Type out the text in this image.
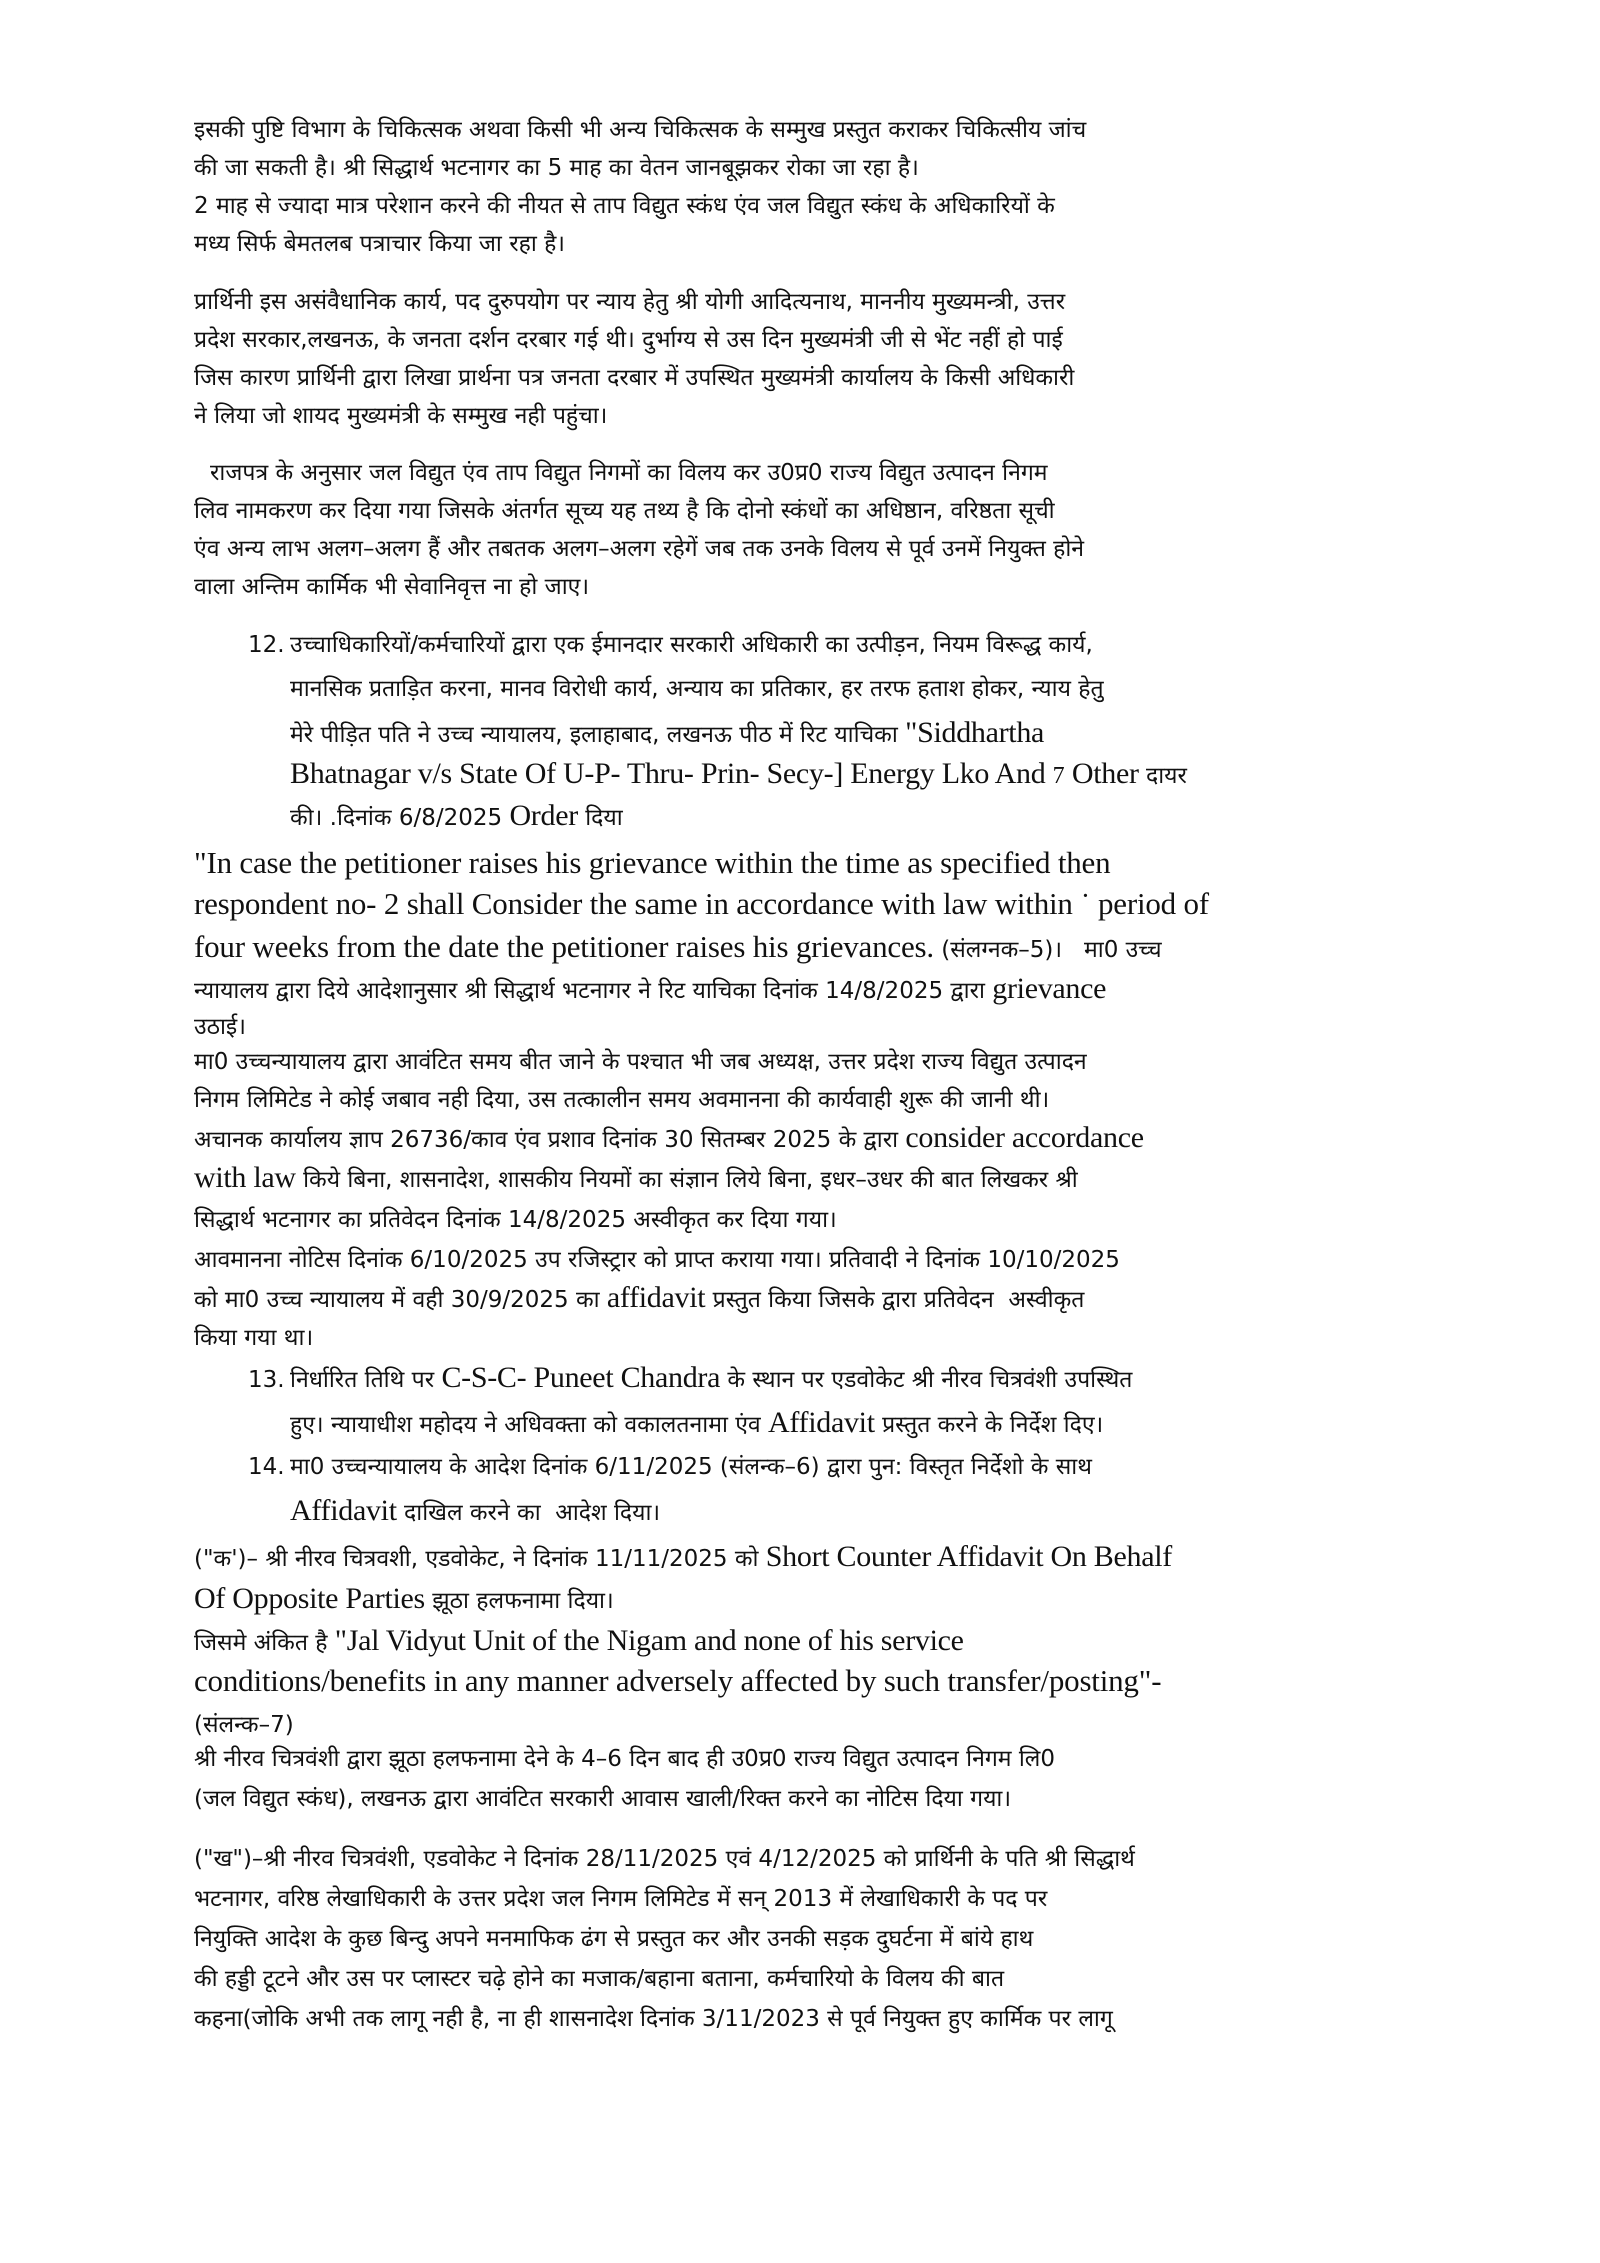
इसकी पुष्टि विभाग के चिकित्सक अथवा किसी भी अन्य चिकित्सक के सम्मुख प्रस्तुत कराकर चिकित्सीय जांच
की जा सकती है। श्री सिद्धार्थ भटनागर का 5 माह का वेतन जानबूझकर रोका जा रहा है।
2 माह से ज्यादा मात्र परेशान करने की नीयत से ताप विद्युत स्कंध एंव जल विद्युत स्कंध के अधिकारियों के
मध्य सिर्फ बेमतलब पत्राचार किया जा रहा है।
प्रार्थिनी इस असंवैधानिक कार्य, पद दुरुपयोग पर न्याय हेतु श्री योगी आदित्यनाथ, माननीय मुख्यमन्त्री, उत्तर
प्रदेश सरकार,लखनऊ, के जनता दर्शन दरबार गई थी। दुर्भाग्य से उस दिन मुख्यमंत्री जी से भेंट नहीं हो पाई
जिस कारण प्रार्थिनी द्वारा लिखा प्रार्थना पत्र जनता दरबार में उपस्थित मुख्यमंत्री कार्यालय के किसी अधिकारी
ने लिया जो शायद मुख्यमंत्री के सम्मुख नही पहुंचा।
राजपत्र के अनुसार जल विद्युत एंव ताप विद्युत निगमों का विलय कर उ0प्र0 राज्य विद्युत उत्पादन निगम
लिव नामकरण कर दिया गया जिसके अंतर्गत सूच्य यह तथ्य है कि दोनो स्कंधों का अधिष्ठान, वरिष्ठता सूची
एंव अन्य लाभ अलग–अलग हैं और तबतक अलग–अलग रहेगें जब तक उनके विलय से पूर्व उनमें नियुक्त होने
वाला अन्तिम कार्मिक भी सेवानिवृत्त ना हो जाए।
12. उच्चाधिकारियों/कर्मचारियों द्वारा एक ईमानदार सरकारी अधिकारी का उत्पीड़न, नियम विरूद्ध कार्य,
मानसिक प्रताड़ित करना, मानव विरोधी कार्य, अन्याय का प्रतिकार, हर तरफ हताश होकर, न्याय हेतु
मेरे पीड़ित पति ने उच्च न्यायालय, इलाहाबाद, लखनऊ पीठ में रिट याचिका "Siddhartha
Bhatnagar v/s State Of U-P- Thru- Prin- Secy-] Energy Lko And 7 Other दायर
की। .दिनांक 6/8/2025 Order दिया
"In case the petitioner raises his grievance within the time as specified then
respondent no- 2 shall Consider the same in accordance with law within ˙ period of
four weeks from the date the petitioner raises his grievances. (संलग्नक–5)।   मा0 उच्च
न्यायालय द्वारा दिये आदेशानुसार श्री सिद्धार्थ भटनागर ने रिट याचिका दिनांक 14/8/2025 द्वारा grievance
उठाई।
मा0 उच्चन्यायालय द्वारा आवंटित समय बीत जाने के पश्चात भी जब अध्यक्ष, उत्तर प्रदेश राज्य विद्युत उत्पादन
निगम लिमिटेड ने कोई जबाव नही दिया, उस तत्कालीन समय अवमानना की कार्यवाही शुरू की जानी थी।
अचानक कार्यालय ज्ञाप 26736/काव एंव प्रशाव दिनांक 30 सितम्बर 2025 के द्वारा consider accordance
with law किये बिना, शासनादेश, शासकीय नियमों का संज्ञान लिये बिना, इधर–उधर की बात लिखकर श्री
सिद्धार्थ भटनागर का प्रतिवेदन दिनांक 14/8/2025 अस्वीकृत कर दिया गया।
आवमानना नोटिस दिनांक 6/10/2025 उप रजिस्ट्रार को प्राप्त कराया गया। प्रतिवादी ने दिनांक 10/10/2025
को मा0 उच्च न्यायालय में वही 30/9/2025 का affidavit प्रस्तुत किया जिसके द्वारा प्रतिवेदन  अस्वीकृत
किया गया था।
13. निर्धारित तिथि पर C-S-C- Puneet Chandra के स्थान पर एडवोकेट श्री नीरव चित्रवंशी उपस्थित
हुए। न्यायाधीश महोदय ने अधिवक्ता को वकालतनामा एंव Affidavit प्रस्तुत करने के निर्देश दिए।
14. मा0 उच्चन्यायालय के आदेश दिनांक 6/11/2025 (संलन्क–6) द्वारा पुन: विस्तृत निर्देशो के साथ
Affidavit दाखिल करने का  आदेश दिया।
("क')– श्री नीरव चित्रवशी, एडवोकेट, ने दिनांक 11/11/2025 को Short Counter Affidavit On Behalf
Of Opposite Parties झूठा हलफनामा दिया।
जिसमे अंकित है "Jal Vidyut Unit of the Nigam and none of his service
conditions/benefits in any manner adversely affected by such transfer/posting"-
(संलन्क–7)
श्री नीरव चित्रवंशी द्वारा झूठा हलफनामा देने के 4–6 दिन बाद ही उ0प्र0 राज्य विद्युत उत्पादन निगम लि0
(जल विद्युत स्कंध), लखनऊ द्वारा आवंटित सरकारी आवास खाली/रिक्त करने का नोटिस दिया गया।
("ख")–श्री नीरव चित्रवंशी, एडवोकेट ने दिनांक 28/11/2025 एवं 4/12/2025 को प्रार्थिनी के पति श्री सिद्धार्थ
भटनागर, वरिष्ठ लेखाधिकारी के उत्तर प्रदेश जल निगम लिमिटेड में सन् 2013 में लेखाधिकारी के पद पर
नियुक्ति आदेश के कुछ बिन्दु अपने मनमाफिक ढंग से प्रस्तुत कर और उनकी सड़क दुघर्टना में बांये हाथ
की हड्डी टूटने और उस पर प्लास्टर चढ़े होने का मजाक/बहाना बताना, कर्मचारियो के विलय की बात
कहना(जोकि अभी तक लागू नही है, ना ही शासनादेश दिनांक 3/11/2023 से पूर्व नियुक्त हुए कार्मिक पर लागू
